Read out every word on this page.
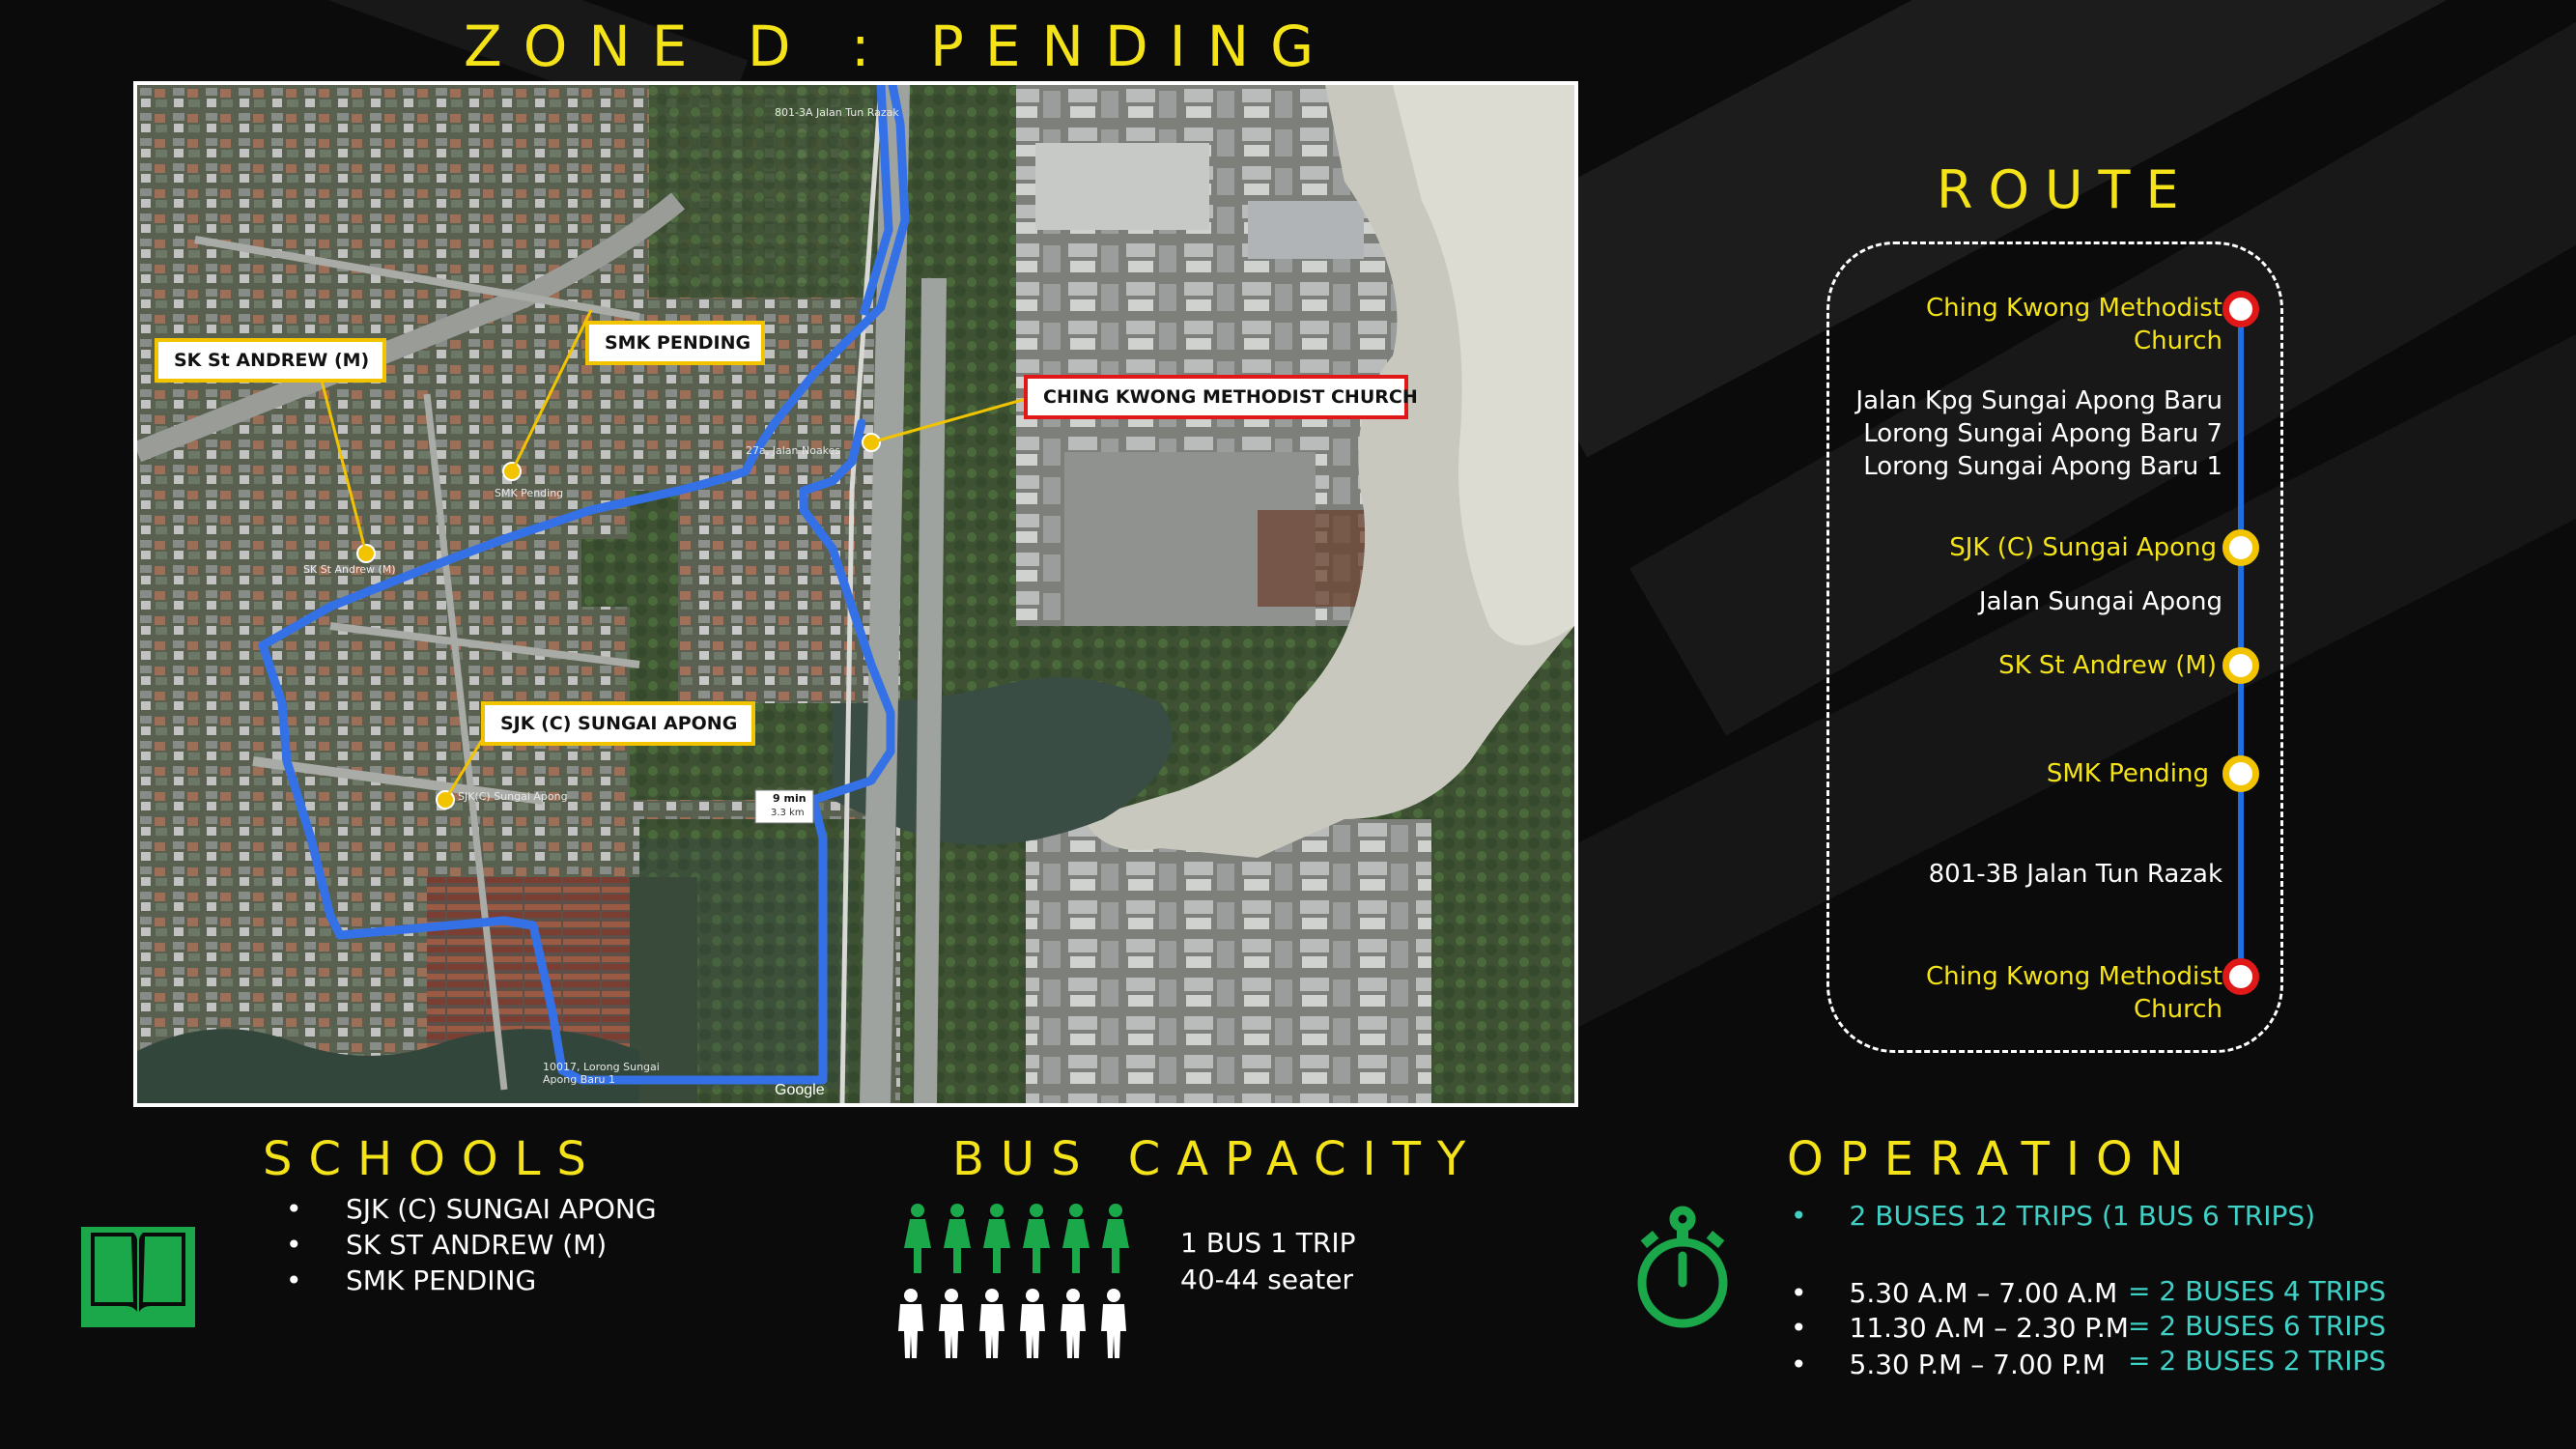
ZONE D : PENDING
SK St ANDREW (M)
SMK PENDING
CHING KWONG METHODIST CHURCH
SJK (C) SUNGAI APONG
801-3A Jalan Tun Razak
27a, Jalan Noakes
SK St Andrew (M)
SMK Pending
SJK(C) Sungai Apong
10017, Lorong Sungai Apong Baru 1
9 min
3.3 km
Google
ROUTE
Ching Kwong Methodist
Church
Jalan Kpg Sungai Apong Baru
Lorong Sungai Apong Baru 7
Lorong Sungai Apong Baru 1
SJK (C) Sungai Apong
Jalan Sungai Apong
SK St Andrew (M)
SMK Pending
801-3B Jalan Tun Razak
Ching Kwong Methodist
Church
SCHOOLS
• SJK (C) SUNGAI APONG
• SK ST ANDREW (M)
• SMK PENDING
BUS CAPACITY
1 BUS 1 TRIP
40-44 seater
OPERATION
• 2 BUSES 12 TRIPS (1 BUS 6 TRIPS)
• 5.30 A.M – 7.00 A.M = 2 BUSES 4 TRIPS
• 11.30 A.M – 2.30 P.M = 2 BUSES 6 TRIPS
• 5.30 P.M – 7.00 P.M = 2 BUSES 2 TRIPS
